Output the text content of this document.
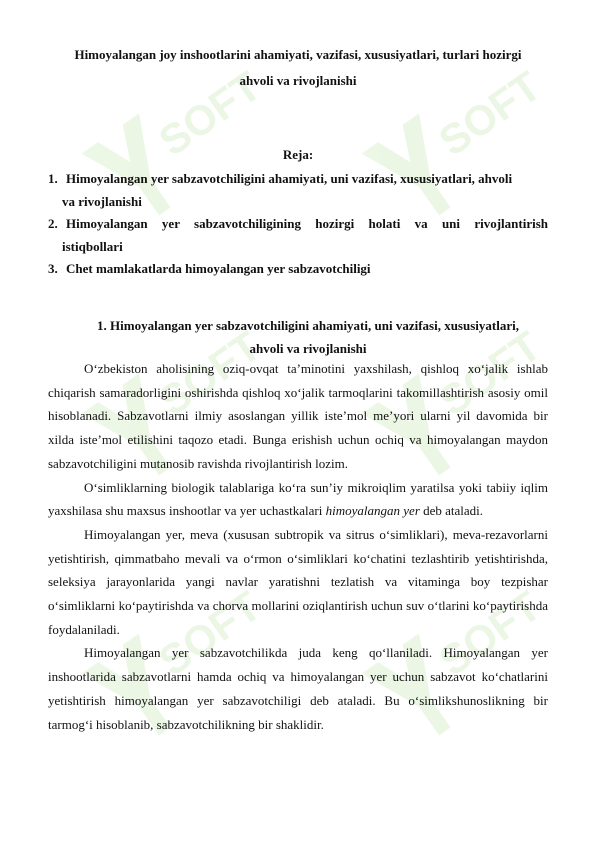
SOFT	SOFT
SOFT	SOFT
SOFT	SOFT
Himoyalangan joy inshootlarini ahamiyati, vazifasi, xususiyatlari, turlari hozirgi
ahvoli va rivojlanishi
Reja:
1. Himoyalangan yer sabzavotchiligini ahamiyati, uni vazifasi, xususiyatlari, ahvoli
va rivojlanishi
2. Himoyalangan yer sabzavotchiligining hozirgi holati va uni rivojlantirish
istiqbollari
3. Chet mamlakatlarda himoyalangan yer sabzavotchiligi
1. Himoyalangan yer sabzavotchiligini ahamiyati, uni vazifasi, xususiyatlari,
ahvoli va rivojlanishi

O‘zbekiston aholisining oziq-ovqat ta’minotini yaxshilash, qishloq xo‘jalik ishlab chiqarish samaradorligini oshirishda qishloq xo‘jalik tarmoqlarini takomillashtirish asosiy omil hisoblanadi. Sabzavotlarni ilmiy asoslangan yillik iste’mol me’yori ularni yil davomida bir xilda iste’mol etilishini taqozo etadi. Bunga erishish uchun ochiq va himoyalangan maydon sabzavotchiligini mutanosib ravishda rivojlantirish lozim.

O‘simliklarning biologik talablariga ko‘ra sun’iy mikroiqlim yaratilsa yoki tabiiy iqlim yaxshilasa shu maxsus inshootlar va yer uchastkalari himoyalangan yer deb ataladi.

Himoyalangan yer, meva (xususan subtropik va sitrus o‘simliklari), meva-rezavorlarni yetishtirish, qimmatbaho mevali va o‘rmon o‘simliklari ko‘chatini tezlashtirib yetishtirishda, seleksiya jarayonlarida yangi navlar yaratishni tezlatish va vitaminga boy tezpishar o‘simliklarni ko‘paytirishda va chorva mollarini oziqlantirish uchun suv o‘tlarini ko‘paytirishda foydalaniladi.

Himoyalangan yer sabzavotchilikda juda keng qo‘llaniladi. Himoyalangan yer inshootlarida sabzavotlarni hamda ochiq va himoyalangan yer uchun sabzavot ko‘chatlarini yetishtirish himoyalangan yer sabzavotchiligi deb ataladi. Bu o‘simlikshunoslikning bir tarmog‘i hisoblanib, sabzavotchilikning bir shaklidir.
